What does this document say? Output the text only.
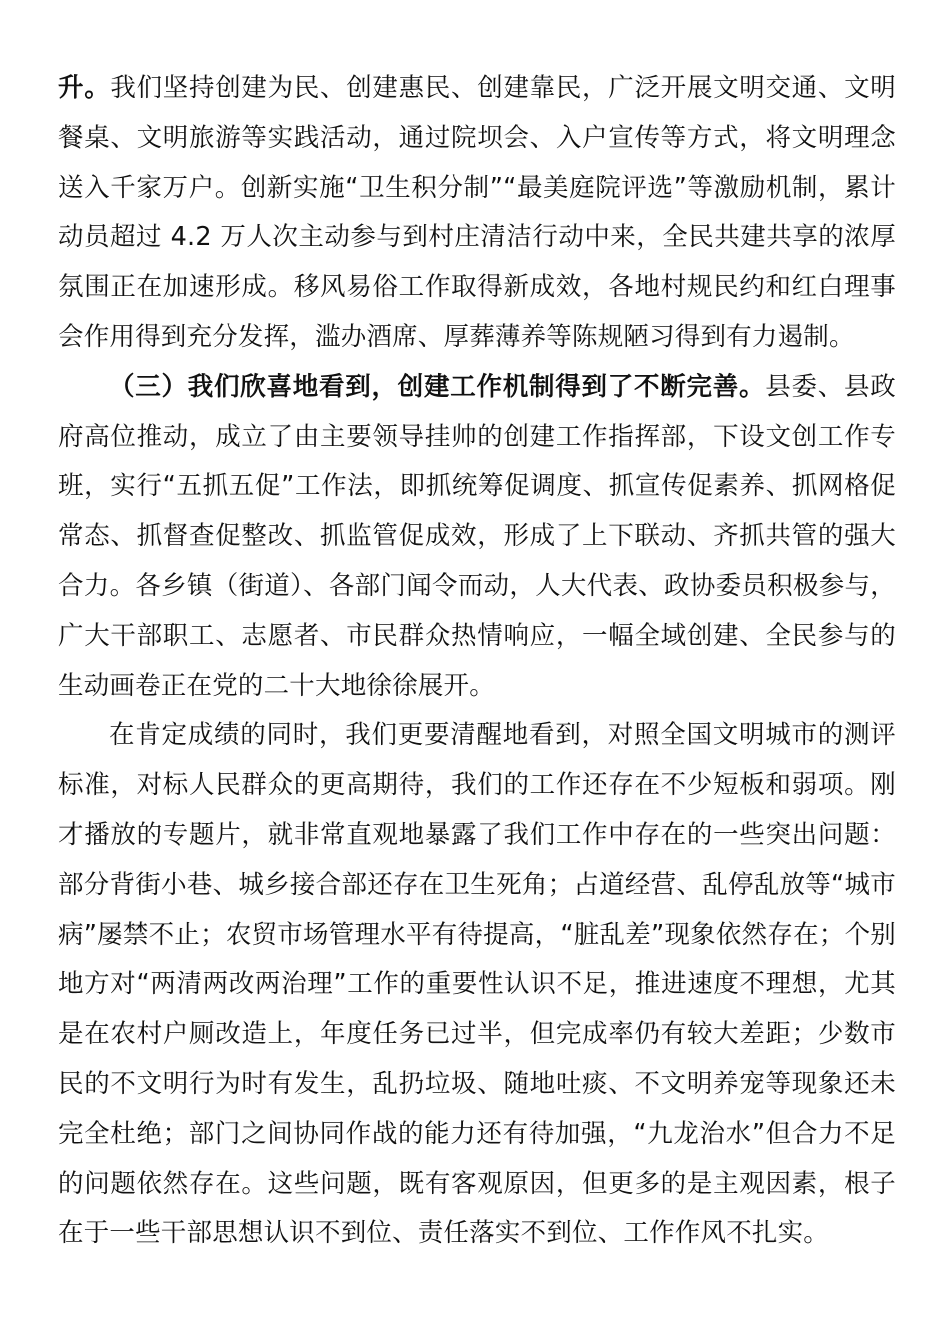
升。我们坚持创建为民、创建惠民、创建靠民，广泛开展文明交通、文明餐桌、文明旅游等实践活动，通过院坝会、入户宣传等方式，将文明理念送入千家万户。创新实施“卫生积分制”“最美庭院评选”等激励机制，累计动员超过 4.2 万人次主动参与到村庄清洁行动中来，全民共建共享的浓厚氛围正在加速形成。移风易俗工作取得新成效，各地村规民约和红白理事会作用得到充分发挥，滥办酒席、厚葬薄养等陈规陋习得到有力遏制。

（三）我们欣喜地看到，创建工作机制得到了不断完善。县委、县政府高位推动，成立了由主要领导挂帅的创建工作指挥部，下设文创工作专班，实行“五抓五促”工作法，即抓统筹促调度、抓宣传促素养、抓网格促常态、抓督查促整改、抓监管促成效，形成了上下联动、齐抓共管的强大合力。各乡镇（街道）、各部门闻令而动，人大代表、政协委员积极参与，广大干部职工、志愿者、市民群众热情响应，一幅全域创建、全民参与的生动画卷正在党的二十大地徐徐展开。

在肯定成绩的同时，我们更要清醒地看到，对照全国文明城市的测评标准，对标人民群众的更高期待，我们的工作还存在不少短板和弱项。刚才播放的专题片，就非常直观地暴露了我们工作中存在的一些突出问题：部分背街小巷、城乡接合部还存在卫生死角；占道经营、乱停乱放等“城市病”屡禁不止；农贸市场管理水平有待提高，“脏乱差”现象依然存在；个别地方对“两清两改两治理”工作的重要性认识不足，推进速度不理想，尤其是在农村户厕改造上，年度任务已过半，但完成率仍有较大差距；少数市民的不文明行为时有发生，乱扔垃圾、随地吐痰、不文明养宠等现象还未完全杜绝；部门之间协同作战的能力还有待加强，“九龙治水”但合力不足的问题依然存在。这些问题，既有客观原因，但更多的是主观因素，根子在于一些干部思想认识不到位、责任落实不到位、工作作风不扎实。
